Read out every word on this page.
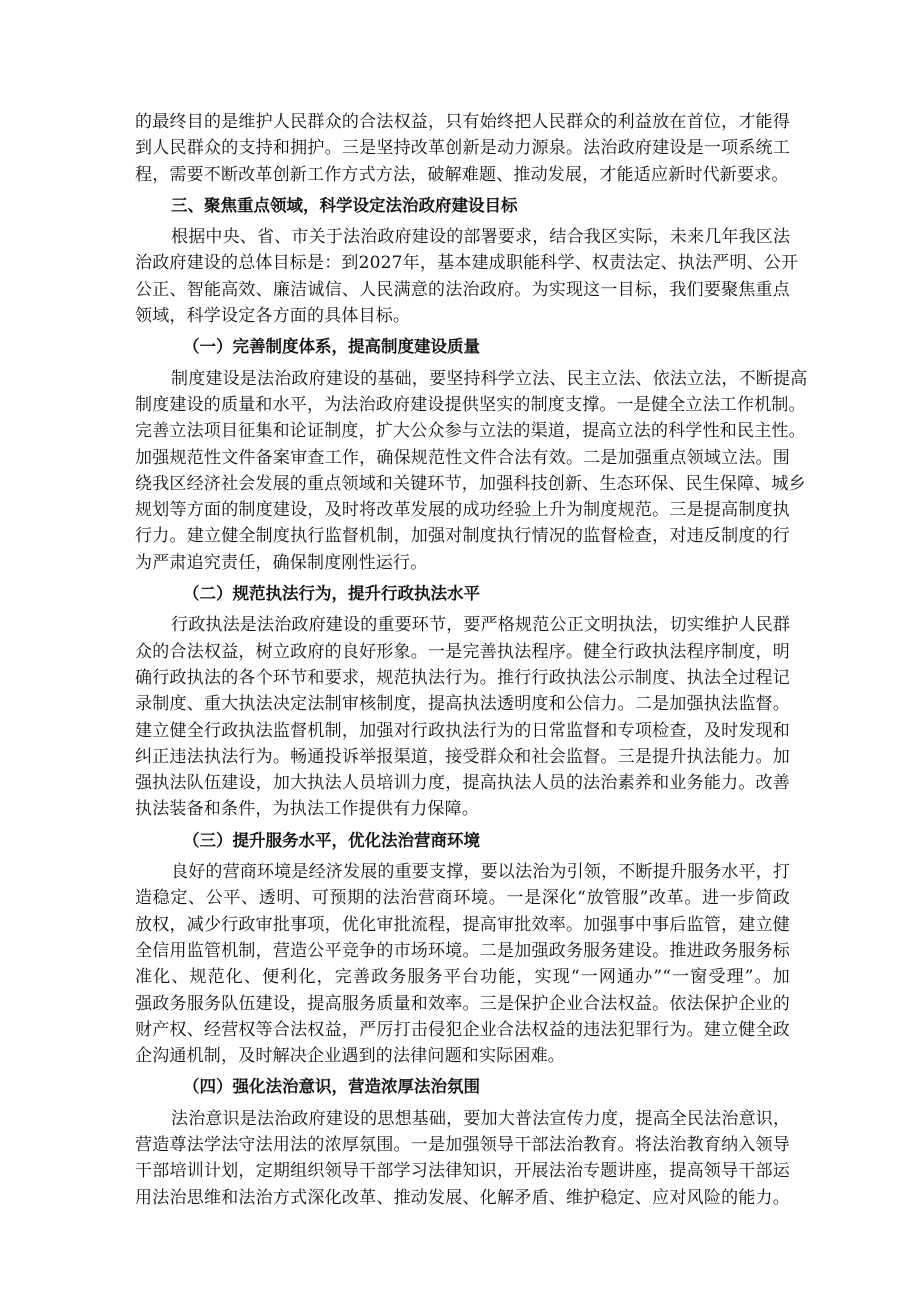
的最终目的是维护人民群众的合法权益，只有始终把人民群众的利益放在首位，才能得
到人民群众的支持和拥护。三是坚持改革创新是动力源泉。法治政府建设是一项系统工
程，需要不断改革创新工作方式方法，破解难题、推动发展，才能适应新时代新要求。
三、聚焦重点领域，科学设定法治政府建设目标
根据中央、省、市关于法治政府建设的部署要求，结合我区实际，未来几年我区法
治政府建设的总体目标是：到2027年，基本建成职能科学、权责法定、执法严明、公开
公正、智能高效、廉洁诚信、人民满意的法治政府。为实现这一目标，我们要聚焦重点
领域，科学设定各方面的具体目标。
（一）完善制度体系，提高制度建设质量
制度建设是法治政府建设的基础，要坚持科学立法、民主立法、依法立法，不断提高
制度建设的质量和水平，为法治政府建设提供坚实的制度支撑。一是健全立法工作机制。
完善立法项目征集和论证制度，扩大公众参与立法的渠道，提高立法的科学性和民主性。
加强规范性文件备案审查工作，确保规范性文件合法有效。二是加强重点领域立法。围
绕我区经济社会发展的重点领域和关键环节，加强科技创新、生态环保、民生保障、城乡
规划等方面的制度建设，及时将改革发展的成功经验上升为制度规范。三是提高制度执
行力。建立健全制度执行监督机制，加强对制度执行情况的监督检查，对违反制度的行
为严肃追究责任，确保制度刚性运行。
（二）规范执法行为，提升行政执法水平
行政执法是法治政府建设的重要环节，要严格规范公正文明执法，切实维护人民群
众的合法权益，树立政府的良好形象。一是完善执法程序。健全行政执法程序制度，明
确行政执法的各个环节和要求，规范执法行为。推行行政执法公示制度、执法全过程记
录制度、重大执法决定法制审核制度，提高执法透明度和公信力。二是加强执法监督。
建立健全行政执法监督机制，加强对行政执法行为的日常监督和专项检查，及时发现和
纠正违法执法行为。畅通投诉举报渠道，接受群众和社会监督。三是提升执法能力。加
强执法队伍建设，加大执法人员培训力度，提高执法人员的法治素养和业务能力。改善
执法装备和条件，为执法工作提供有力保障。
（三）提升服务水平，优化法治营商环境
良好的营商环境是经济发展的重要支撑，要以法治为引领，不断提升服务水平，打
造稳定、公平、透明、可预期的法治营商环境。一是深化“放管服”改革。进一步简政
放权，减少行政审批事项，优化审批流程，提高审批效率。加强事中事后监管，建立健
全信用监管机制，营造公平竞争的市场环境。二是加强政务服务建设。推进政务服务标
准化、规范化、便利化，完善政务服务平台功能，实现“一网通办”“一窗受理”。加
强政务服务队伍建设，提高服务质量和效率。三是保护企业合法权益。依法保护企业的
财产权、经营权等合法权益，严厉打击侵犯企业合法权益的违法犯罪行为。建立健全政
企沟通机制，及时解决企业遇到的法律问题和实际困难。
（四）强化法治意识，营造浓厚法治氛围
法治意识是法治政府建设的思想基础，要加大普法宣传力度，提高全民法治意识，
营造尊法学法守法用法的浓厚氛围。一是加强领导干部法治教育。将法治教育纳入领导
干部培训计划，定期组织领导干部学习法律知识，开展法治专题讲座，提高领导干部运
用法治思维和法治方式深化改革、推动发展、化解矛盾、维护稳定、应对风险的能力。
